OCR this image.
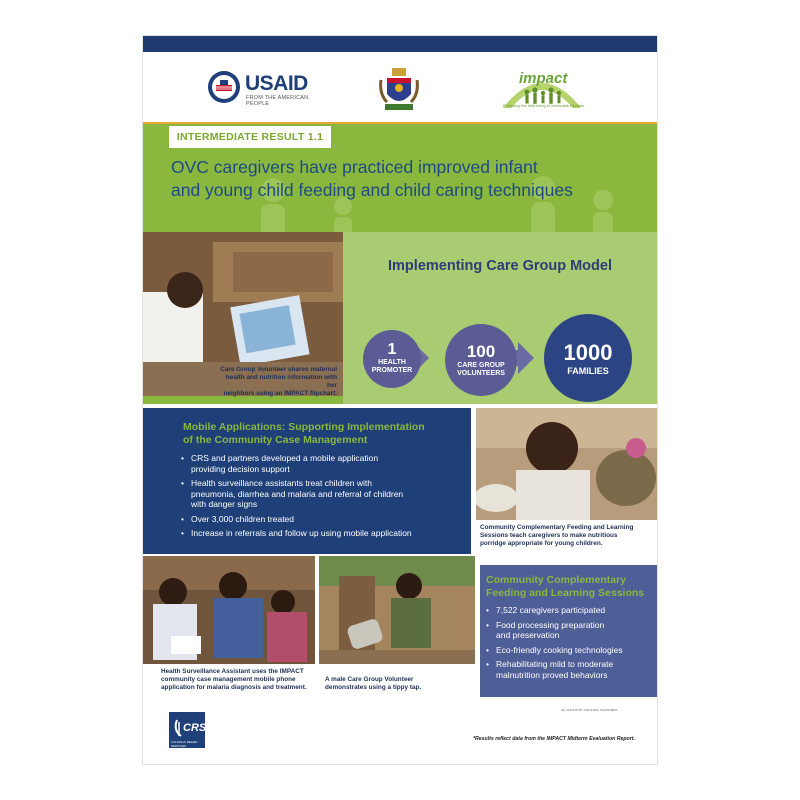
USAID
FROM THE AMERICAN PEOPLE
impact
Promoting the Well-being of Vulnerable Families
INTERMEDIATE RESULT 1.1
OVC caregivers have practiced improved infant
and young child feeding and child caring techniques
Care Group Volunteer shares maternal
health and nutrition information with her
neighbors using an IMPACT flipchart.
Implementing Care Group Model
1
HEALTH
PROMOTER
100
CARE GROUP
VOLUNTEERS
1000
FAMILIES
Mobile Applications: Supporting Implementation
of the Community Case Management
• CRS and partners developed a mobile application
providing decision support
• Health surveillance assistants treat children with
pneumonia, diarrhea and malaria and referral of children
with danger signs
• Over 3,000 children treated
• Increase in referrals and follow up using mobile application
Community Complementary Feeding and Learning
Sessions teach caregivers to make nutritious
porridge appropriate for young children.
Health Surveillance Assistant uses the IMPACT
community case management mobile phone
application for malaria diagnosis and treatment.
A male Care Group Volunteer
demonstrates using a tippy tap.
Community Complementary
Feeding and Learning Sessions
• 7,522 caregivers participated
• Food processing preparation
and preservation
• Eco-friendly cooking technologies
• Rehabilitating mild to moderate
malnutrition proved behaviors
ALL PHOTOS BY CRS STAFF & PARTNERS
CRS
CATHOLIC RELIEF SERVICES
*Results reflect data from the IMPACT Midterm Evaluation Report.
